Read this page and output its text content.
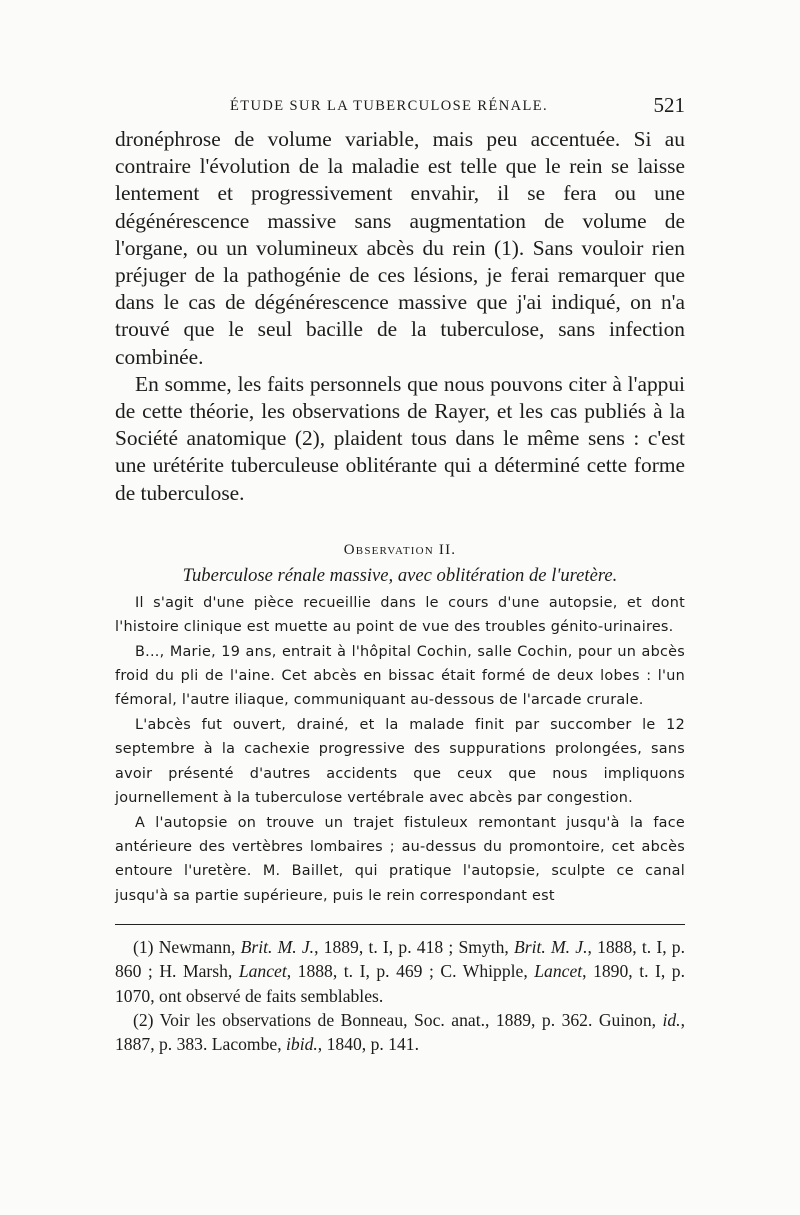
ÉTUDE SUR LA TUBERCULOSE RÉNALE.	521

dronéphrose de volume variable, mais peu accentuée. Si au contraire l'évolution de la maladie est telle que le rein se laisse lentement et progressivement envahir, il se fera ou une dégénérescence massive sans augmentation de volume de l'organe, ou un volumineux abcès du rein (1). Sans vouloir rien préjuger de la pathogénie de ces lésions, je ferai remarquer que dans le cas de dégénérescence massive que j'ai indiqué, on n'a trouvé que le seul bacille de la tuberculose, sans infection combinée.

En somme, les faits personnels que nous pouvons citer à l'appui de cette théorie, les observations de Rayer, et les cas publiés à la Société anatomique (2), plaident tous dans le même sens : c'est une urétérite tuberculeuse oblitérante qui a déterminé cette forme de tuberculose.

Observation II.
Tuberculose rénale massive, avec oblitération de l'uretère.

Il s'agit d'une pièce recueillie dans le cours d'une autopsie, et dont l'histoire clinique est muette au point de vue des troubles génito-urinaires.

B..., Marie, 19 ans, entrait à l'hôpital Cochin, salle Cochin, pour un abcès froid du pli de l'aine. Cet abcès en bissac était formé de deux lobes : l'un fémoral, l'autre iliaque, communiquant au-dessous de l'arcade crurale.

L'abcès fut ouvert, drainé, et la malade finit par succomber le 12 septembre à la cachexie progressive des suppurations prolongées, sans avoir présenté d'autres accidents que ceux que nous impliquons journellement à la tuberculose vertébrale avec abcès par congestion.

A l'autopsie on trouve un trajet fistuleux remontant jusqu'à la face antérieure des vertèbres lombaires ; au-dessus du promontoire, cet abcès entoure l'uretère. M. Baillet, qui pratique l'autopsie, sculpte ce canal jusqu'à sa partie supérieure, puis le rein correspondant est

(1) Newmann, Brit. M. J., 1889, t. I, p. 418 ; Smyth, Brit. M. J., 1888, t. I, p. 860 ; H. Marsh, Lancet, 1888, t. I, p. 469 ; C. Whipple, Lancet, 1890, t. I, p. 1070, ont observé de faits semblables.

(2) Voir les observations de Bonneau, Soc. anat., 1889, p. 362. Guinon, id., 1887, p. 383. Lacombe, ibid., 1840, p. 141.
